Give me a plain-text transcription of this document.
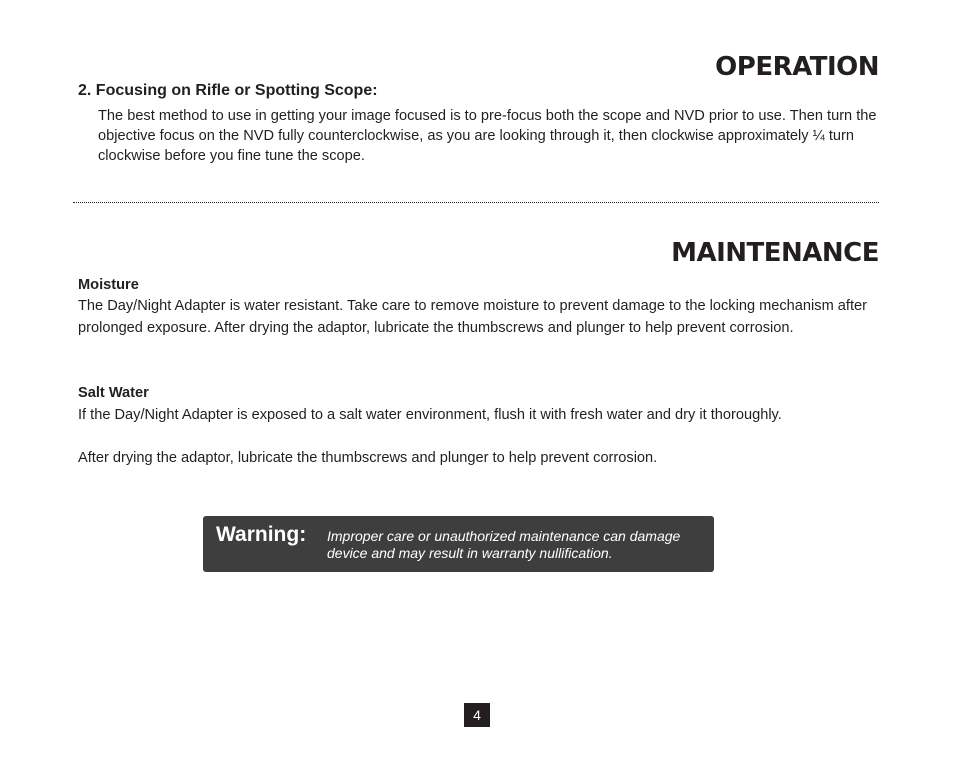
OPERATION
2. Focusing on Rifle or Spotting Scope:

The best method to use in getting your image focused is to pre-focus both the scope and NVD prior to use. Then turn the objective focus on the NVD fully counterclockwise, as you are looking through it, then clockwise approximately ¼ turn clockwise before you fine tune the scope.

MAINTENANCE
Moisture

The Day/Night Adapter is water resistant. Take care to remove moisture to prevent damage to the locking mechanism after prolonged exposure. After drying the adaptor, lubricate the thumbscrews and plunger to help prevent corrosion.

Salt Water

If the Day/Night Adapter is exposed to a salt water environment, flush it with fresh water and dry it thoroughly.

After drying the adaptor, lubricate the thumbscrews and plunger to help prevent corrosion.

Warning: Improper care or unauthorized maintenance can damage device and may result in warranty nullification.
4
